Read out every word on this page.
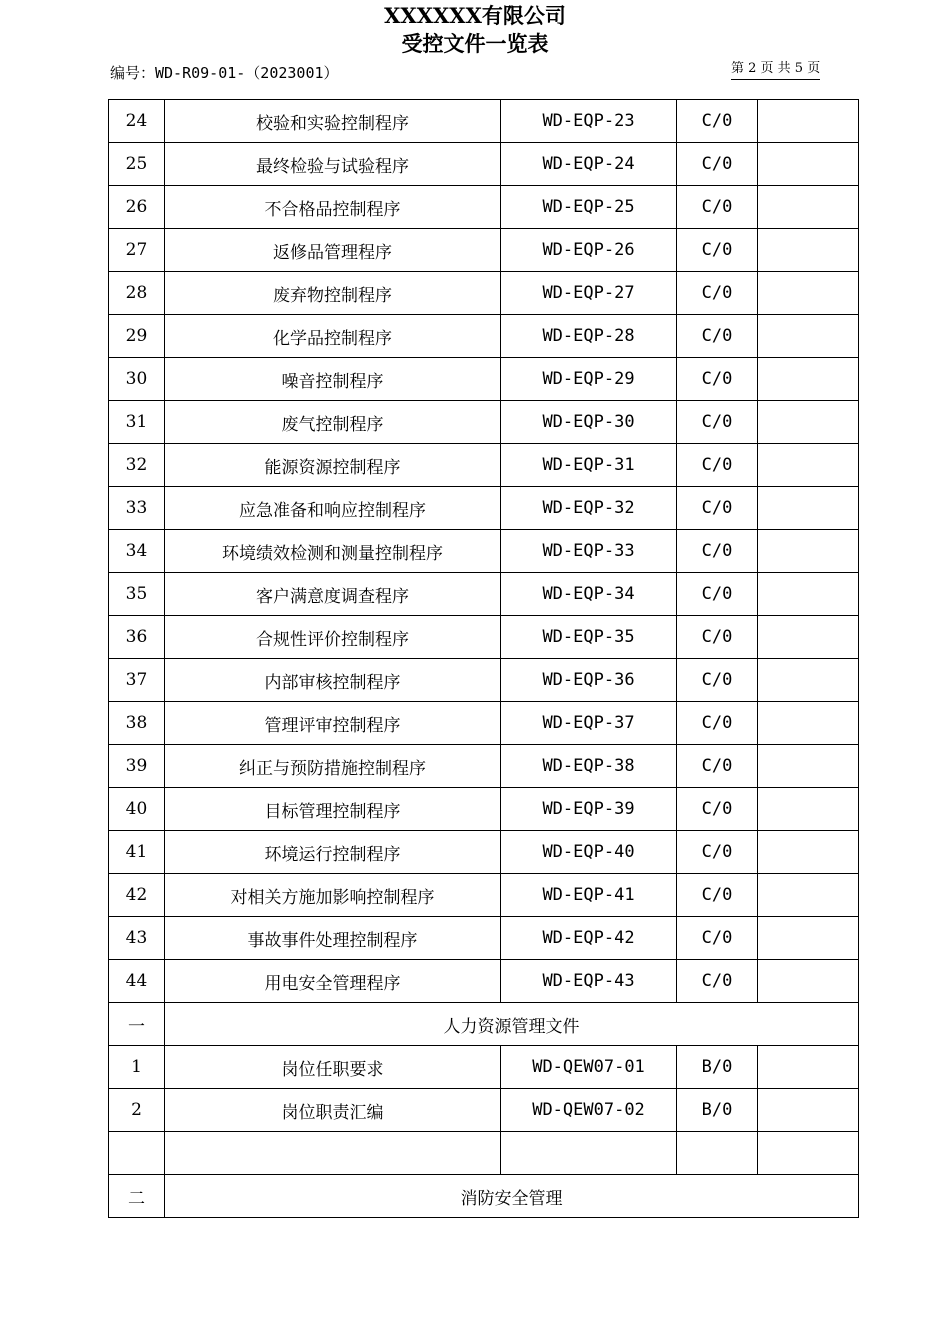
XXXXXX有限公司
受控文件一览表
编号：WD-R09-01-（2023001）	第 2 页 共 5 页
24	校验和实验控制程序	WD-EQP-23	C/0	
25	最终检验与试验程序	WD-EQP-24	C/0	
26	不合格品控制程序	WD-EQP-25	C/0	
27	返修品管理程序	WD-EQP-26	C/0	
28	废弃物控制程序	WD-EQP-27	C/0	
29	化学品控制程序	WD-EQP-28	C/0	
30	噪音控制程序	WD-EQP-29	C/0	
31	废气控制程序	WD-EQP-30	C/0	
32	能源资源控制程序	WD-EQP-31	C/0	
33	应急准备和响应控制程序	WD-EQP-32	C/0	
34	环境绩效检测和测量控制程序	WD-EQP-33	C/0	
35	客户满意度调查程序	WD-EQP-34	C/0	
36	合规性评价控制程序	WD-EQP-35	C/0	
37	内部审核控制程序	WD-EQP-36	C/0	
38	管理评审控制程序	WD-EQP-37	C/0	
39	纠正与预防措施控制程序	WD-EQP-38	C/0	
40	目标管理控制程序	WD-EQP-39	C/0	
41	环境运行控制程序	WD-EQP-40	C/0	
42	对相关方施加影响控制程序	WD-EQP-41	C/0	
43	事故事件处理控制程序	WD-EQP-42	C/0	
44	用电安全管理程序	WD-EQP-43	C/0	
一	人力资源管理文件			
1	岗位任职要求	WD-QEW07-01	B/0	
2	岗位职责汇编	WD-QEW07-02	B/0	

二	消防安全管理			
